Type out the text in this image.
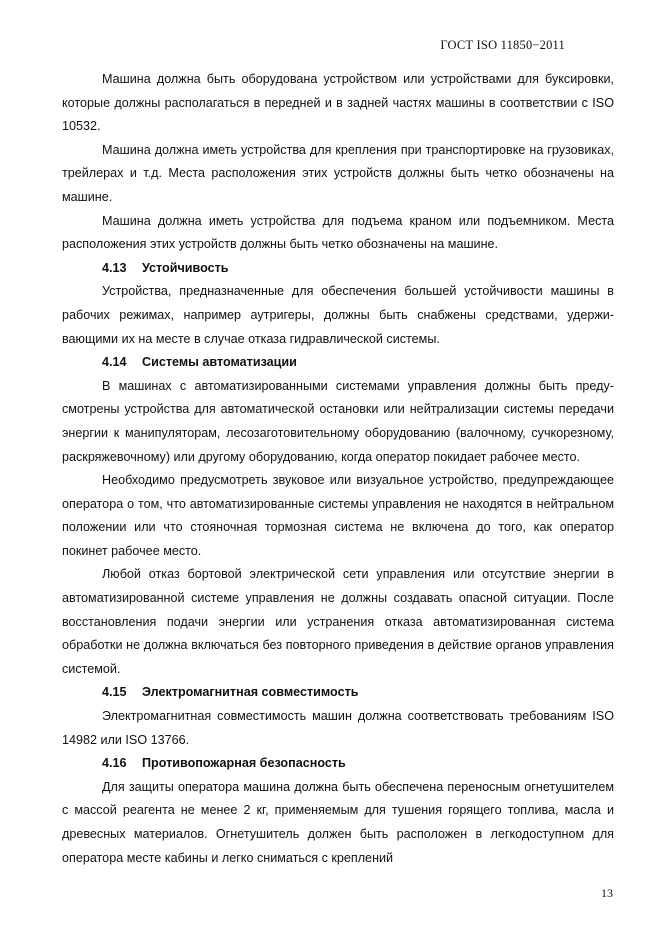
ГОСТ ISO 11850−2011

Машина должна быть оборудована устройством или устройствами для буксировки, которые должны располагаться в передней и в задней частях машины в соответствии с ISO 10532.

Машина должна иметь устройства для крепления при транспортировке на грузовиках, трейлерах и т.д. Места расположения этих устройств должны быть четко обозначены на машине.

Машина должна иметь устройства для подъема краном или подъемником. Места расположения этих устройств должны быть четко обозначены на машине.

4.13 Устойчивость

Устройства, предназначенные для обеспечения большей устойчивости машины в рабочих режимах, например аутригеры, должны быть снабжены средствами, удерживающими их на месте в случае отказа гидравлической системы.

4.14 Системы автоматизации

В машинах с автоматизированными системами управления должны быть предусмотрены устройства для автоматической остановки или нейтрализации системы передачи энергии к манипуляторам, лесозаготовительному оборудованию (валочному, сучкорезному, раскряжевочному) или другому оборудованию, когда оператор покидает рабочее место.

Необходимо предусмотреть звуковое или визуальное устройство, предупреждающее оператора о том, что автоматизированные системы управления не находятся в нейтральном положении или что стояночная тормозная система не включена до того, как оператор покинет рабочее место.

Любой отказ бортовой электрической сети управления или отсутствие энергии в автоматизированной системе управления не должны создавать опасной ситуации. После восстановления подачи энергии или устранения отказа автоматизированная система обработки не должна включаться без повторного приведения в действие органов управления системой.

4.15 Электромагнитная совместимость

Электромагнитная совместимость машин должна соответствовать требованиям ISO 14982 или ISO 13766.

4.16 Противопожарная безопасность

Для защиты оператора машина должна быть обеспечена переносным огнетушителем с массой реагента не менее 2 кг, применяемым для тушения горящего топлива, масла и древесных материалов. Огнетушитель должен быть расположен в легкодоступном для оператора месте кабины и легко сниматься с креплений

13
